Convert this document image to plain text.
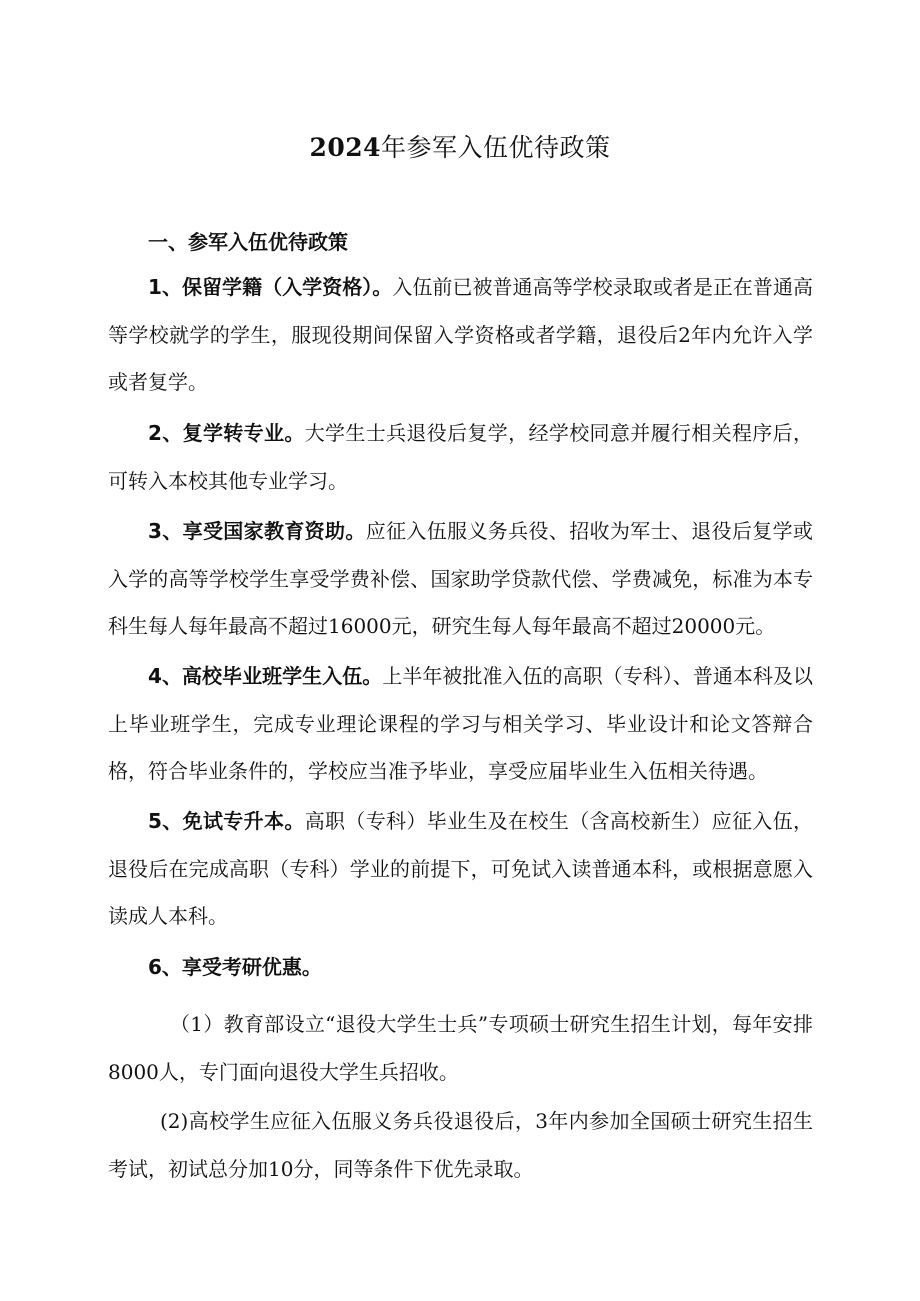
2024年参军入伍优待政策
一、参军入伍优待政策

1、保留学籍（入学资格）。入伍前已被普通高等学校录取或者是正在普通高等学校就学的学生，服现役期间保留入学资格或者学籍，退役后2年内允许入学或者复学。

2、复学转专业。大学生士兵退役后复学，经学校同意并履行相关程序后，可转入本校其他专业学习。

3、享受国家教育资助。应征入伍服义务兵役、招收为军士、退役后复学或入学的高等学校学生享受学费补偿、国家助学贷款代偿、学费减免，标准为本专科生每人每年最高不超过16000元，研究生每人每年最高不超过20000元。

4、高校毕业班学生入伍。上半年被批准入伍的高职（专科）、普通本科及以上毕业班学生，完成专业理论课程的学习与相关学习、毕业设计和论文答辩合格，符合毕业条件的，学校应当准予毕业，享受应届毕业生入伍相关待遇。

5、免试专升本。高职（专科）毕业生及在校生（含高校新生）应征入伍，退役后在完成高职（专科）学业的前提下，可免试入读普通本科，或根据意愿入读成人本科。

6、享受考研优惠。

（1）教育部设立“退役大学生士兵”专项硕士研究生招生计划，每年安排8000人，专门面向退役大学生兵招收。

(2)高校学生应征入伍服义务兵役退役后，3年内参加全国硕士研究生招生考试，初试总分加10分，同等条件下优先录取。
